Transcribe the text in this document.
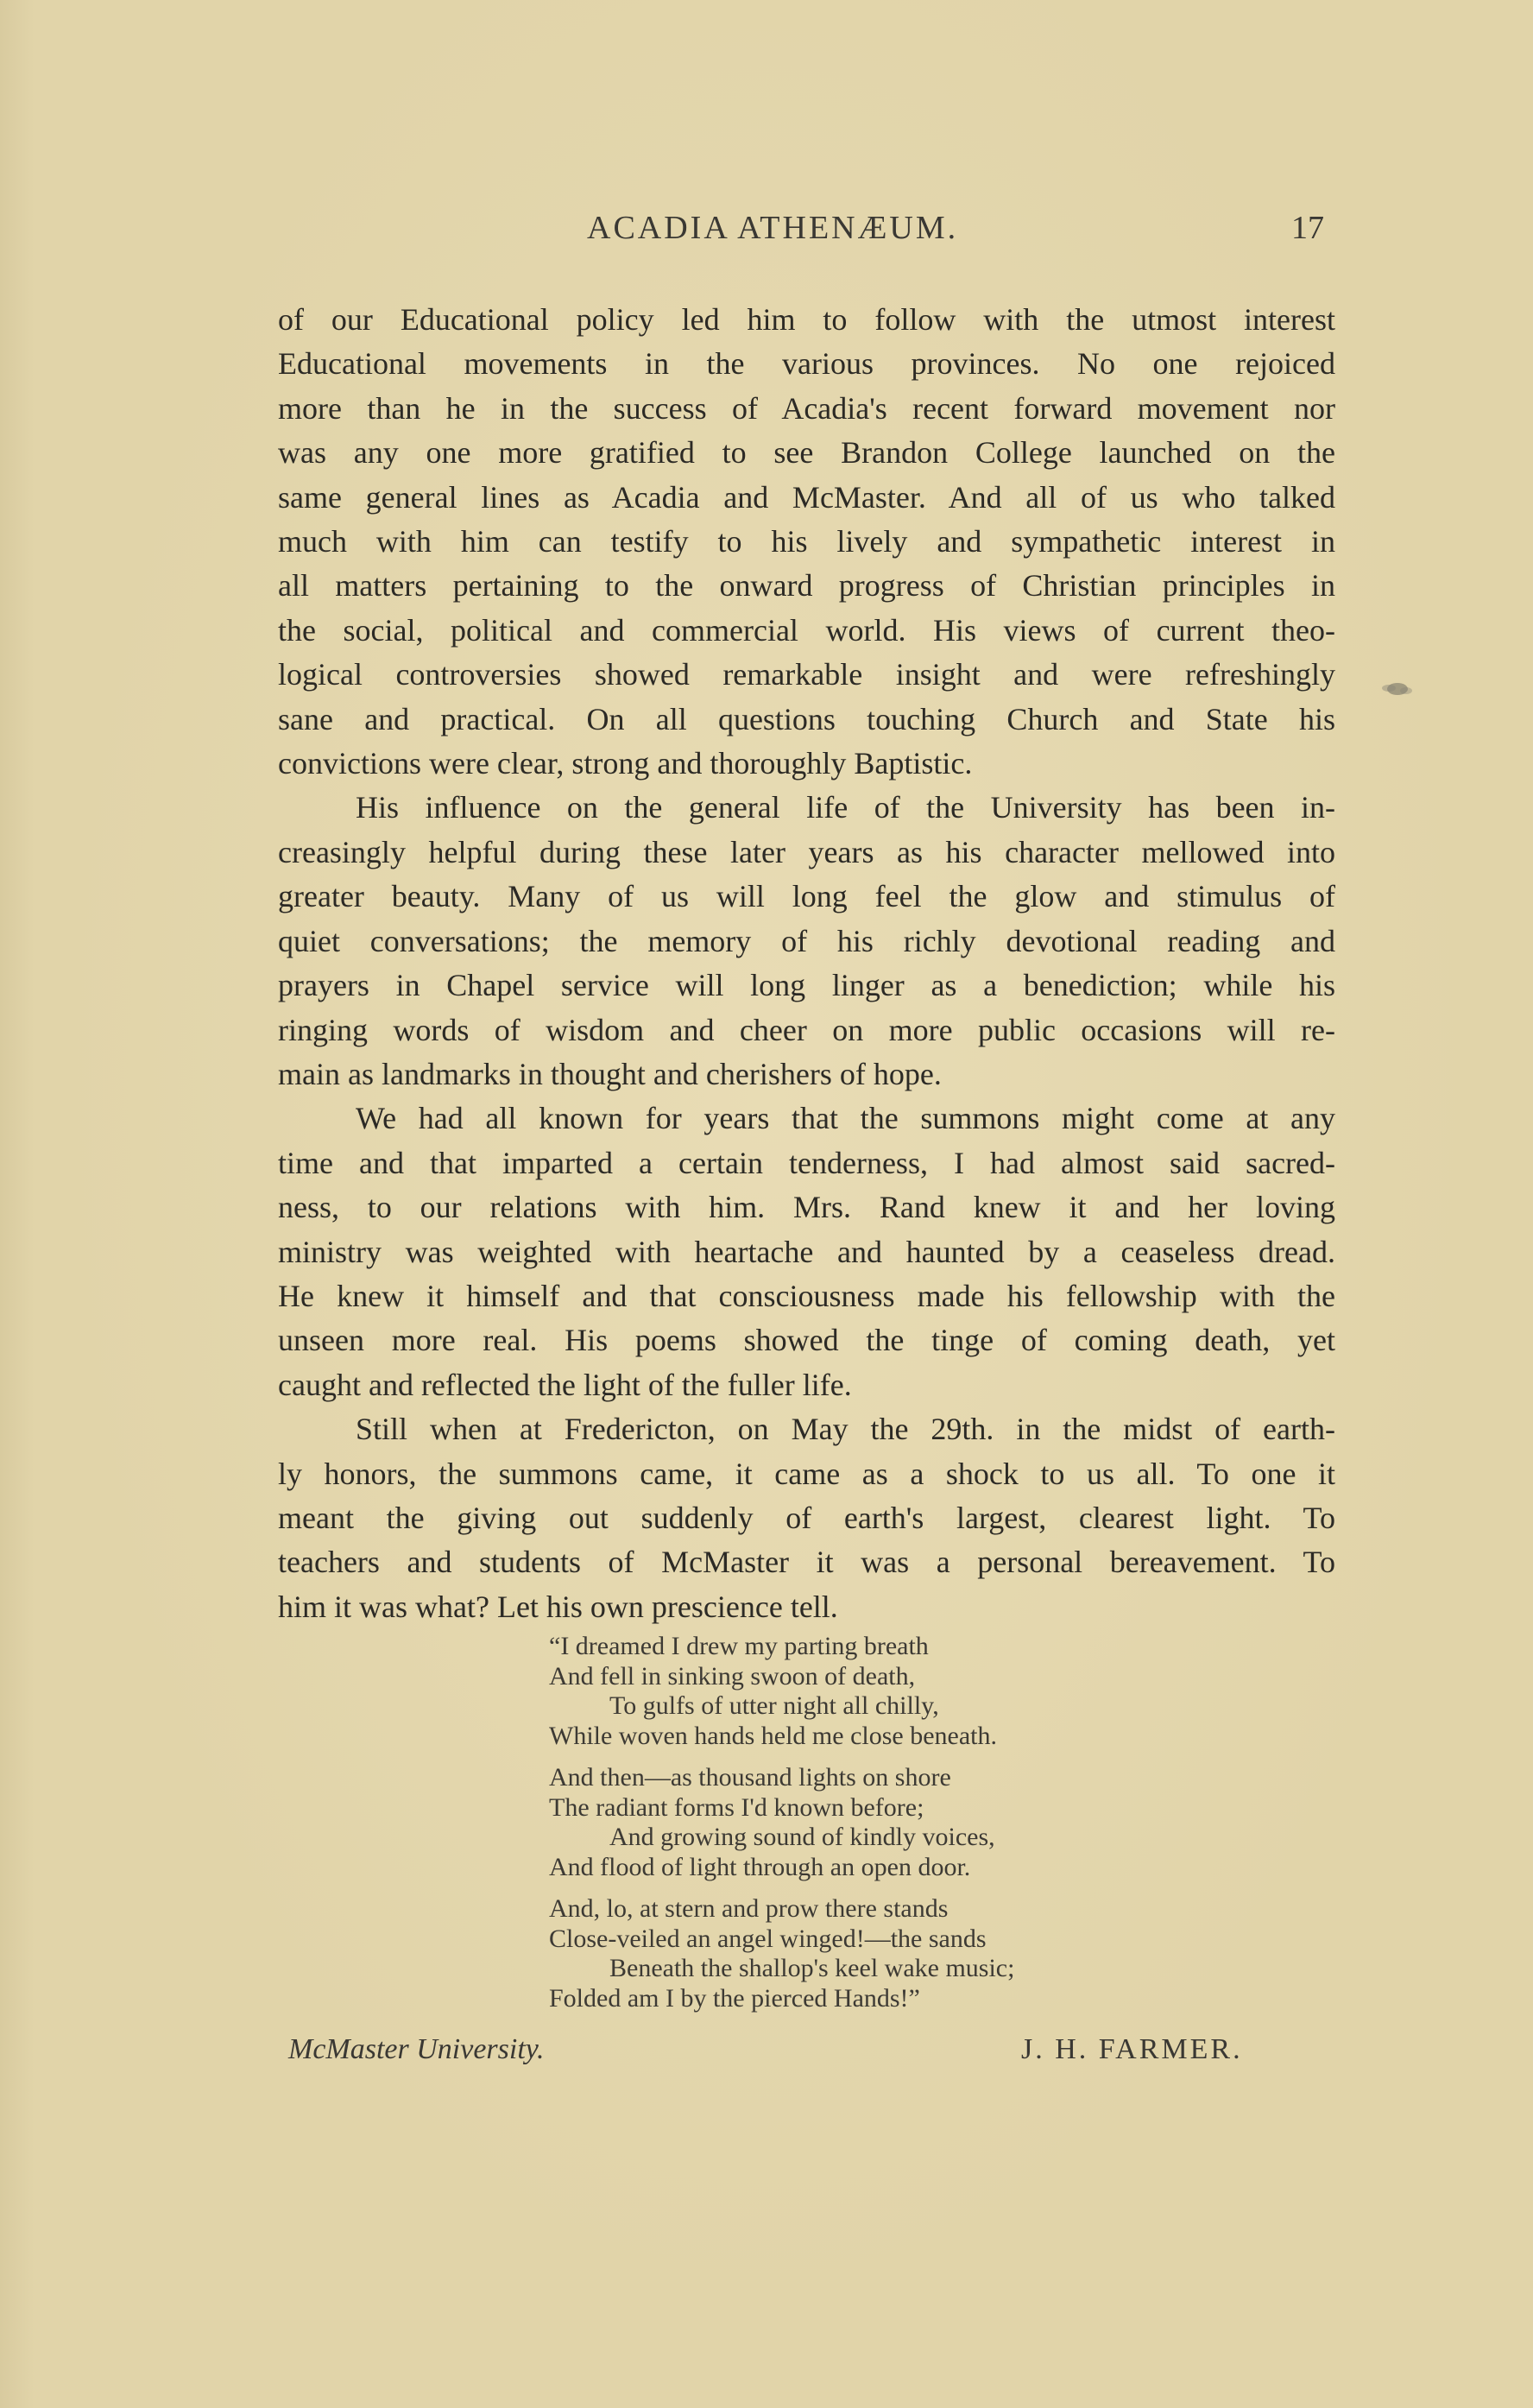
ACADIA ATHENÆUM.	17

of our Educational policy led him to follow with the utmost interest
Educational movements in the various provinces. No one rejoiced
more than he in the success of Acadia's recent forward movement nor
was any one more gratified to see Brandon College launched on the
same general lines as Acadia and McMaster. And all of us who talked
much with him can testify to his lively and sympathetic interest in
all matters pertaining to the onward progress of Christian principles in
the social, political and commercial world. His views of current theo-
logical controversies showed remarkable insight and were refreshingly
sane and practical. On all questions touching Church and State his
convictions were clear, strong and thoroughly Baptistic.

His influence on the general life of the University has been in-
creasingly helpful during these later years as his character mellowed into
greater beauty. Many of us will long feel the glow and stimulus of
quiet conversations; the memory of his richly devotional reading and
prayers in Chapel service will long linger as a benediction; while his
ringing words of wisdom and cheer on more public occasions will re-
main as landmarks in thought and cherishers of hope.

We had all known for years that the summons might come at any
time and that imparted a certain tenderness, I had almost said sacred-
ness, to our relations with him. Mrs. Rand knew it and her loving
ministry was weighted with heartache and haunted by a ceaseless dread.
He knew it himself and that consciousness made his fellowship with the
unseen more real. His poems showed the tinge of coming death, yet
caught and reflected the light of the fuller life.

Still when at Fredericton, on May the 29th. in the midst of earth-
ly honors, the summons came, it came as a shock to us all. To one it
meant the giving out suddenly of earth's largest, clearest light. To
teachers and students of McMaster it was a personal bereavement. To
him it was what? Let his own prescience tell.

“I dreamed I drew my parting breath
And fell in sinking swoon of death,
To gulfs of utter night all chilly,
While woven hands held me close beneath.
And then—as thousand lights on shore
The radiant forms I'd known before;
And growing sound of kindly voices,
And flood of light through an open door.
And, lo, at stern and prow there stands
Close-veiled an angel winged!—the sands
Beneath the shallop's keel wake music;
Folded am I by the pierced Hands!”
McMaster University.	J. H. FARMER.
